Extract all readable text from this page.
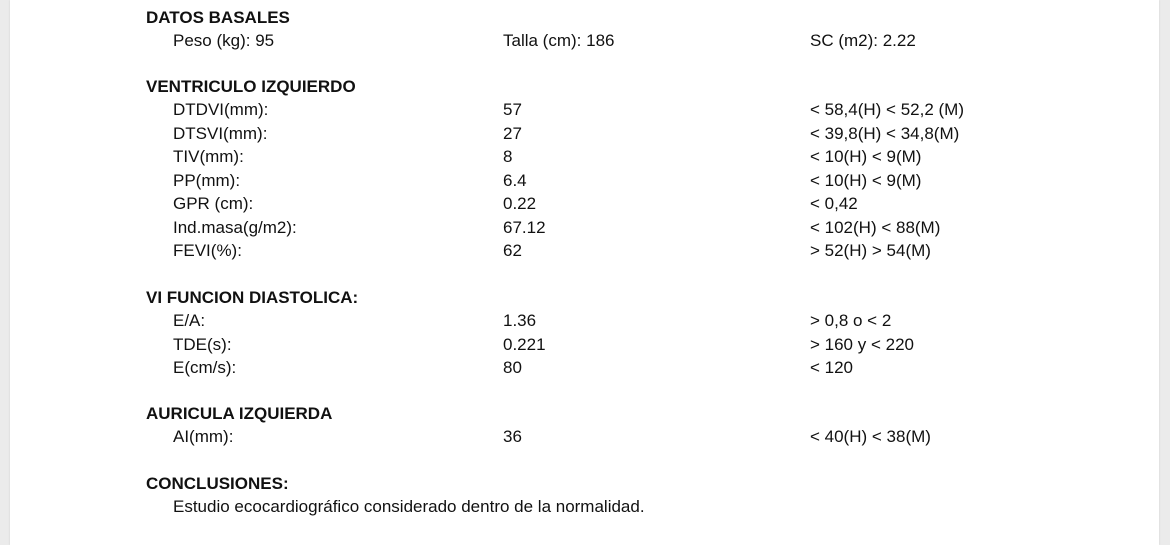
DATOS BASALES
Peso (kg): 95	Talla (cm): 186	SC (m2): 2.22
VENTRICULO IZQUIERDO
DTDVI(mm):	57	< 58,4(H) < 52,2 (M)
DTSVI(mm):	27	< 39,8(H) < 34,8(M)
TIV(mm):	8	< 10(H) < 9(M)
PP(mm):	6.4	< 10(H) < 9(M)
GPR (cm):	0.22	< 0,42
Ind.masa(g/m2):	67.12	< 102(H) < 88(M)
FEVI(%):	62	> 52(H) > 54(M)
VI FUNCION DIASTOLICA:
E/A:	1.36	> 0,8 o < 2
TDE(s):	0.221	> 160 y < 220
E(cm/s):	80	< 120
AURICULA IZQUIERDA
AI(mm):	36	< 40(H) < 38(M)
CONCLUSIONES:
Estudio ecocardiográfico considerado dentro de la normalidad.
